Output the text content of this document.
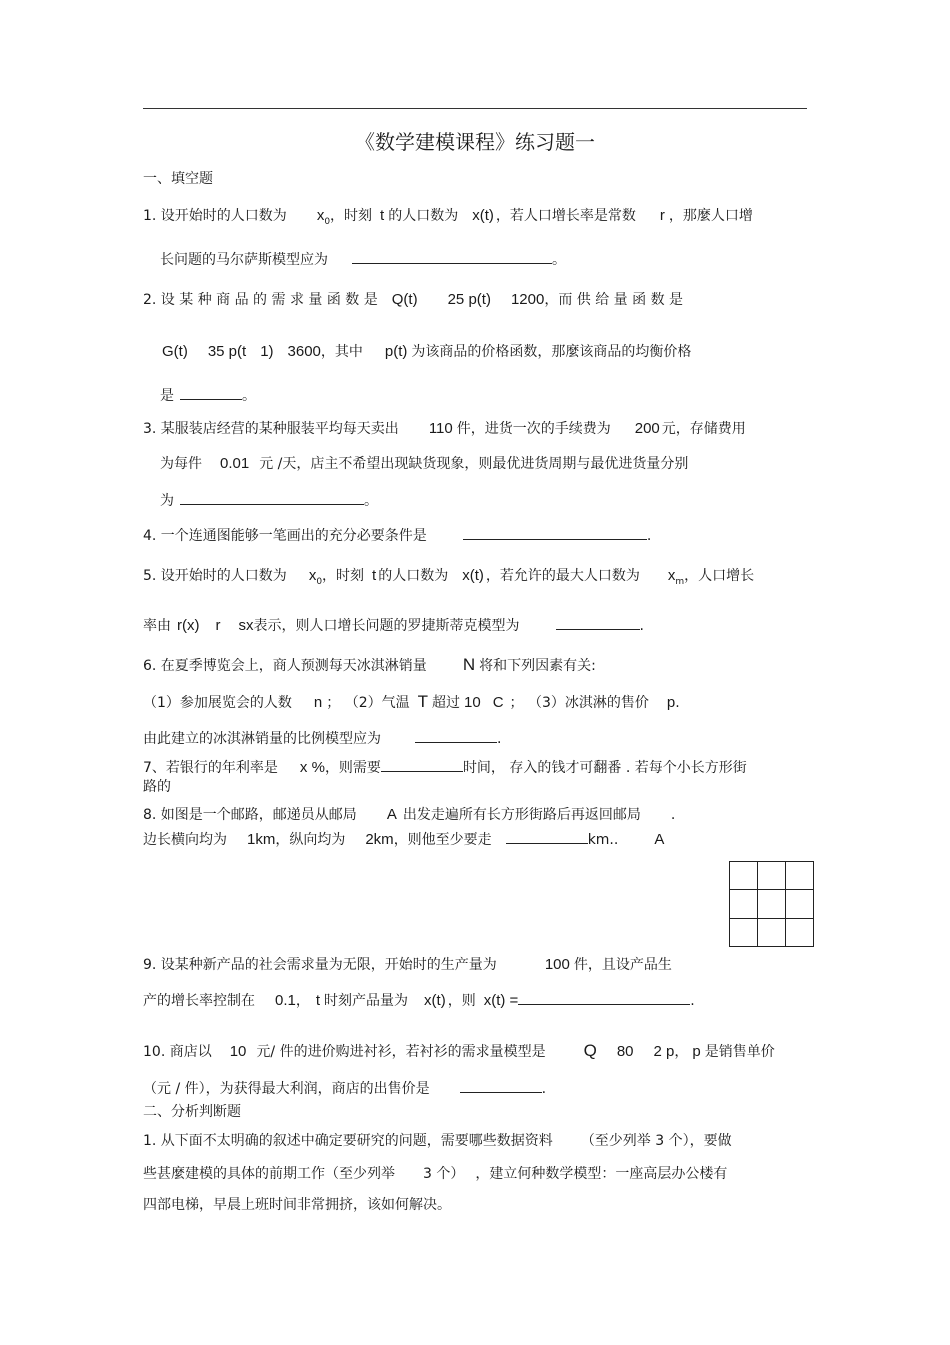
《数学建模课程》练习题一
一、填空题
1. 设开始时的人口数为 $x_0$，时刻 t 的人口数为 x(t) ，若人口增长率是常数 r ，那麼人口增
长问题的马尔萨斯模型应为	。
2. 设 某 种 商 品 的 需 求 量 函 数 是 Q(t) 25 p(t) 1200，而 供 给 量 函 数 是
G(t) 35 p(t 1) 3600，其中 p(t) 为该商品的价格函数，那麼该商品的均衡价格
是	。
3. 某服装店经营的某种服装平均每天卖出 110 件，进货一次的手续费为 200 元，存储费用
为每件 0.01 元 /天，店主不希望出现缺货现象，则最优进货周期与最优进货量分别
为	。
4. 一个连通图能够一笔画出的充分必要条件是	.
5. 设开始时的人口数为 $x_0$，时刻 t 的人口数为 x(t) ，若允许的最大人口数为 $x_m$，人口增长
率由 r(x) r sx表示，则人口增长问题的罗捷斯蒂克模型为	.
6. 在夏季博览会上，商人预测每天冰淇淋销量 N 将和下列因素有关:
（1）参加展览会的人数 n ； （2）气温 T 超过 10 C ； （3）冰淇淋的售价 p.
由此建立的冰淇淋销量的比例模型应为	.
7、若银行的年利率是 x %，则需要	时间， 存入的钱才可翻番 . 若每个小长方形街
路的
8. 如图是一个邮路，邮递员从邮局 A 出发走遍所有长方形街路后再返回邮局 .
边长横向均为 1km，纵向均为 2km，则他至少要走	km.. A

9. 设某种新产品的社会需求量为无限，开始时的生产量为	100 件，且设产品生
产的增长率控制在 0.1， t 时刻产品量为 x(t) ，则 x(t) =	.
10. 商店以 10 元/ 件的进价购进衬衫，若衬衫的需求量模型是 Q 80 2 p， p 是销售单价
（元 / 件），为获得最大利润，商店的出售价是	.
二、分析判断题
1. 从下面不太明确的叙述中确定要研究的问题，需要哪些数据资料 （至少列举 3 个），要做
些甚麼建模的具体的前期工作（至少列举 3 个） ，建立何种数学模型：一座高层办公楼有
四部电梯，早晨上班时间非常拥挤，该如何解决。
